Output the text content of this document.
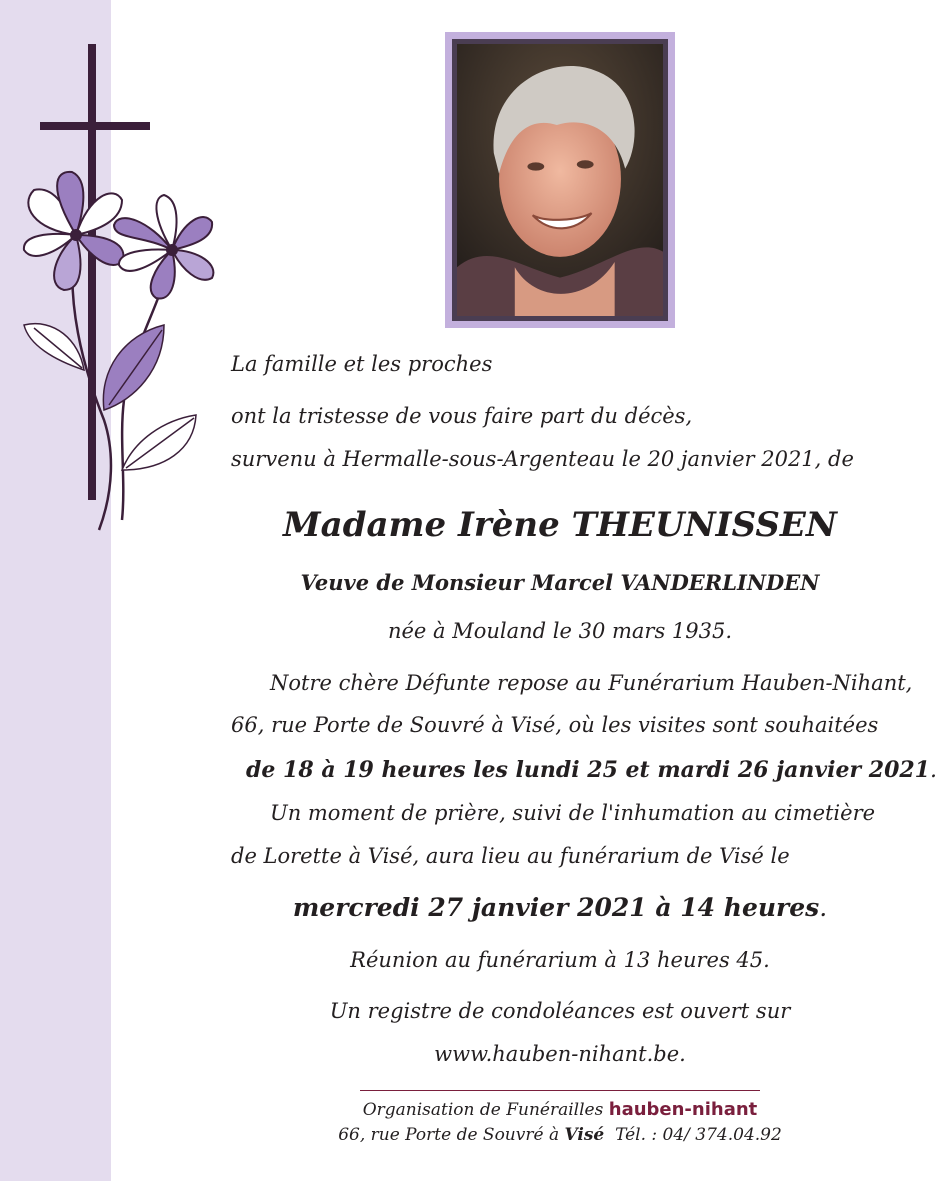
La famille et les proches
ont la tristesse de vous faire part du décès,
survenu à Hermalle-sous-Argenteau le 20 janvier 2021, de
Madame Irène THEUNISSEN
Veuve de Monsieur Marcel VANDERLINDEN
née à Mouland le 30 mars 1935.
Notre chère Défunte repose au Funérarium Hauben-Nihant,
66, rue Porte de Souvré à Visé, où les visites sont souhaitées
de 18 à 19 heures les lundi 25 et mardi 26 janvier 2021.
Un moment de prière, suivi de l'inhumation au cimetière
de Lorette à Visé, aura lieu au funérarium de Visé le
mercredi 27 janvier 2021 à 14 heures.
Réunion au funérarium à 13 heures 45.
Un registre de condoléances est ouvert sur
www.hauben-nihant.be.
Organisation de Funérailles hauben-nihant
66, rue Porte de Souvré à Visé Tél. : 04/ 374.04.92
